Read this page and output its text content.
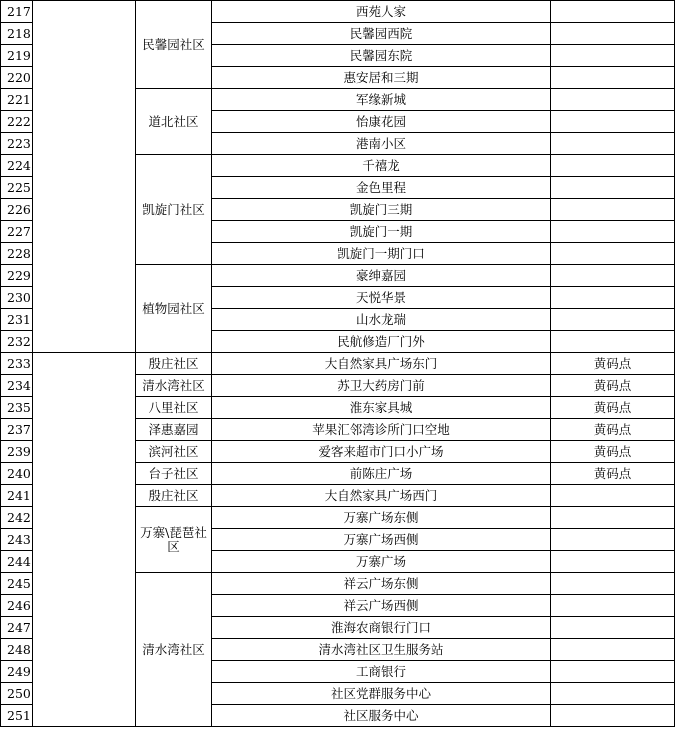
217		民馨园社区	西苑人家	
218			民馨园西院	
219			民馨园东院	
220			惠安居和三期	
221		道北社区	军缘新城	
222			怡康花园	
223			港南小区	
224		凯旋门社区	千禧龙	
225			金色里程	
226			凯旋门三期	
227			凯旋门一期	
228			凯旋门一期门口	
229		植物园社区	豪绅嘉园	
230			天悦华景	
231			山水龙瑞	
232			民航修造厂门外	
233		殷庄社区	大自然家具广场东门	黄码点
234		清水湾社区	苏卫大药房门前	黄码点
235		八里社区	淮东家具城	黄码点
237		泽惠嘉园	苹果汇邻湾诊所门口空地	黄码点
239		滨河社区	爱客来超市门口小广场	黄码点
240		台子社区	前陈庄广场	黄码点
241		殷庄社区	大自然家具广场西门	
242		万寨\琵琶社区	万寨广场东侧	
243			万寨广场西侧	
244			万寨广场	
245		清水湾社区	祥云广场东侧	
246			祥云广场西侧	
247			淮海农商银行门口	
248			清水湾社区卫生服务站	
249			工商银行	
250			社区党群服务中心	
251			社区服务中心	
